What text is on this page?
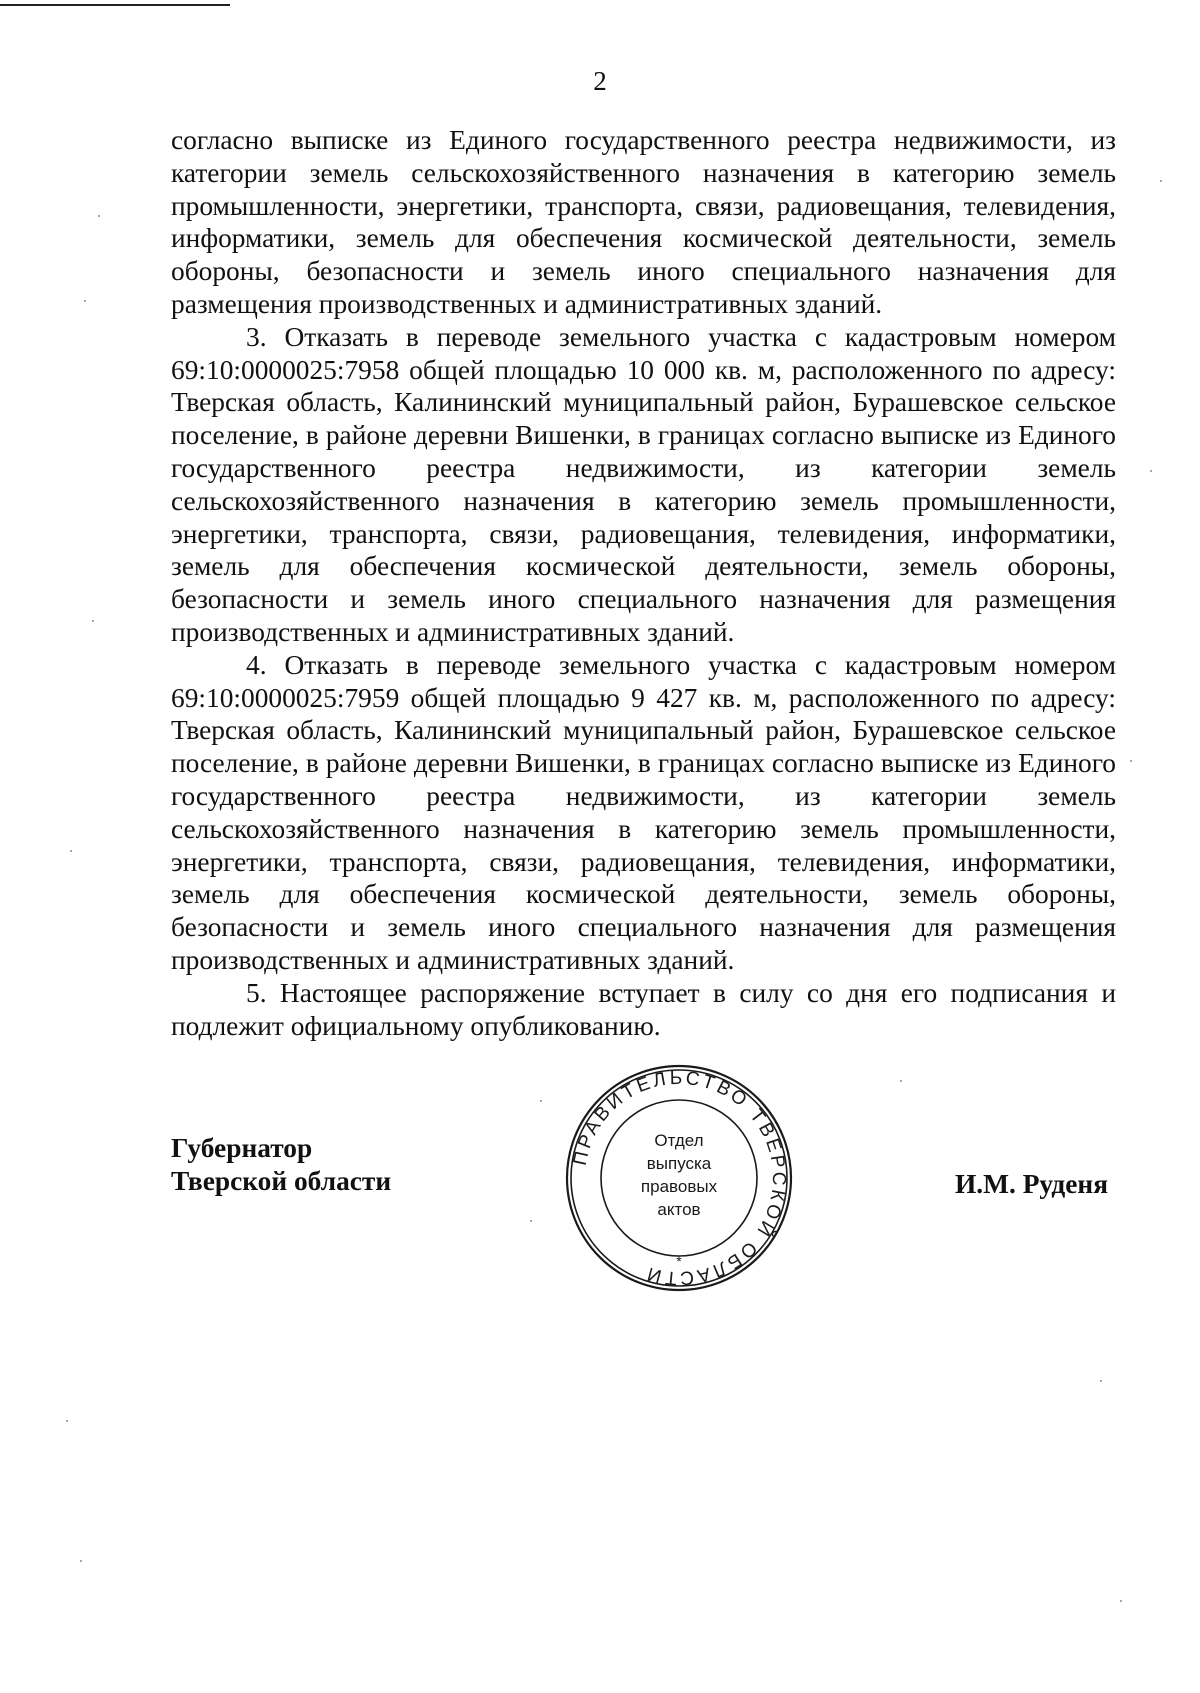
2

согласно выписке из Единого государственного реестра недвижимости, из категории земель сельскохозяйственного назначения в категорию земель промышленности, энергетики, транспорта, связи, радиовещания, телевидения, информатики, земель для обеспечения космической деятельности, земель обороны, безопасности и земель иного специального назначения для размещения производственных и административных зданий.

3. Отказать в переводе земельного участка с кадастровым номером 69:10:0000025:7958 общей площадью 10 000 кв. м, расположенного по адресу: Тверская область, Калининский муниципальный район, Бурашевское сельское поселение, в районе деревни Вишенки, в границах согласно выписке из Единого государственного реестра недвижимости, из категории земель сельскохозяйственного назначения в категорию земель промышленности, энергетики, транспорта, связи, радиовещания, телевидения, информатики, земель для обеспечения космической деятельности, земель обороны, безопасности и земель иного специального назначения для размещения производственных и административных зданий.

4. Отказать в переводе земельного участка с кадастровым номером 69:10:0000025:7959 общей площадью 9 427 кв. м, расположенного по адресу: Тверская область, Калининский муниципальный район, Бурашевское сельское поселение, в районе деревни Вишенки, в границах согласно выписке из Единого государственного реестра недвижимости, из категории земель сельскохозяйственного назначения в категорию земель промышленности, энергетики, транспорта, связи, радиовещания, телевидения, информатики, земель для обеспечения космической деятельности, земель обороны, безопасности и земель иного специального назначения для размещения производственных и административных зданий.

5. Настоящее распоряжение вступает в силу со дня его подписания и подлежит официальному опубликованию.

Губернатор
Тверской области
ПРАВИТЕЛЬСТВО ТВЕРСКОЙ ОБЛАСТИ
Отдел
выпуска
правовых
актов
*
И.М. Руденя
